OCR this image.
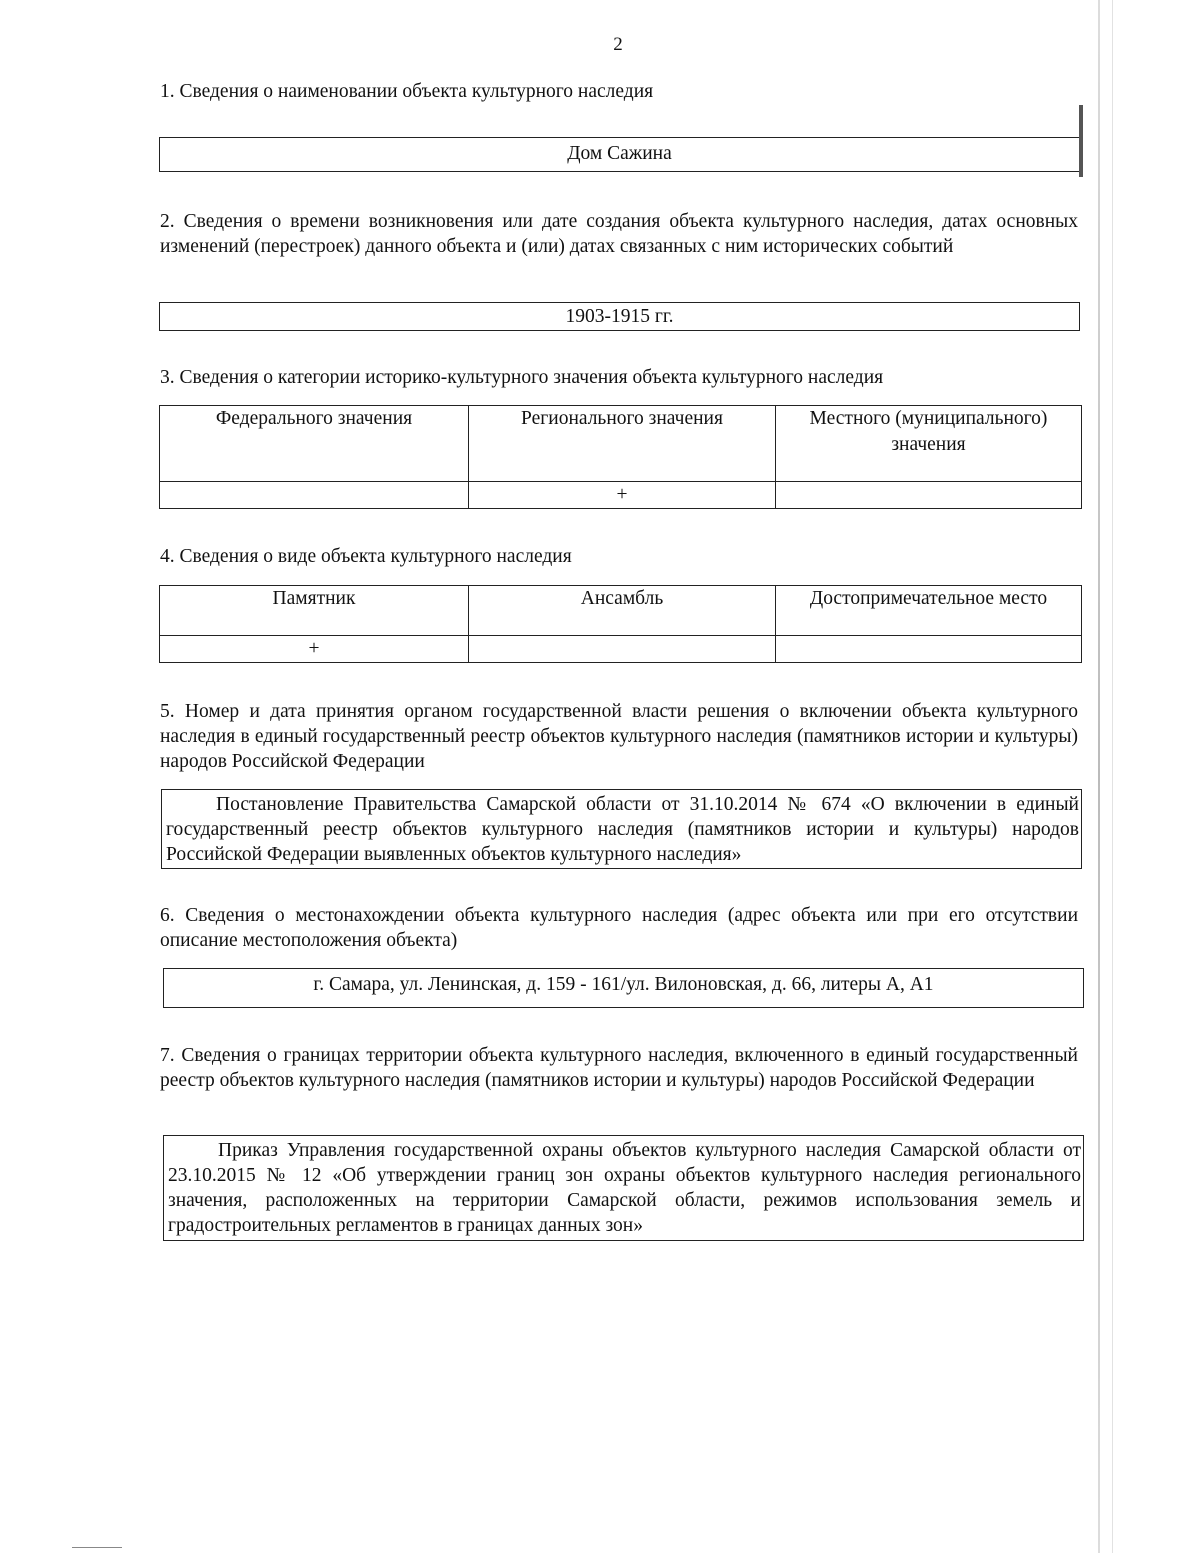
2
1. Сведения о наименовании объекта культурного наследия
Дом Сажина
2. Сведения о времени возникновения или дате создания объекта культурного наследия, датах основных изменений (перестроек) данного объекта и (или) датах связанных с ним исторических событий
1903-1915 гг.
3. Сведения о категории историко-культурного значения объекта культурного наследия
Федерального значения	Регионального значения	Местного (муниципального) значения
	+	
4. Сведения о виде объекта культурного наследия
Памятник	Ансамбль	Достопримечательное место
+		
5. Номер и дата принятия органом государственной власти решения о включении объекта культурного наследия в единый государственный реестр объектов культурного наследия (памятников истории и культуры) народов Российской Федерации
Постановление Правительства Самарской области от 31.10.2014 № 674 «О включении в единый государственный реестр объектов культурного наследия (памятников истории и культуры) народов Российской Федерации выявленных объектов культурного наследия»
6. Сведения о местонахождении объекта культурного наследия (адрес объекта или при его отсутствии описание местоположения объекта)
г. Самара, ул. Ленинская, д. 159 - 161/ул. Вилоновская, д. 66, литеры А, А1
7. Сведения о границах территории объекта культурного наследия, включенного в единый государственный реестр объектов культурного наследия (памятников истории и культуры) народов Российской Федерации
Приказ Управления государственной охраны объектов культурного наследия Самарской области от 23.10.2015 № 12 «Об утверждении границ зон охраны объектов культурного наследия регионального значения, расположенных на территории Самарской области, режимов использования земель и градостроительных регламентов в границах данных зон»
